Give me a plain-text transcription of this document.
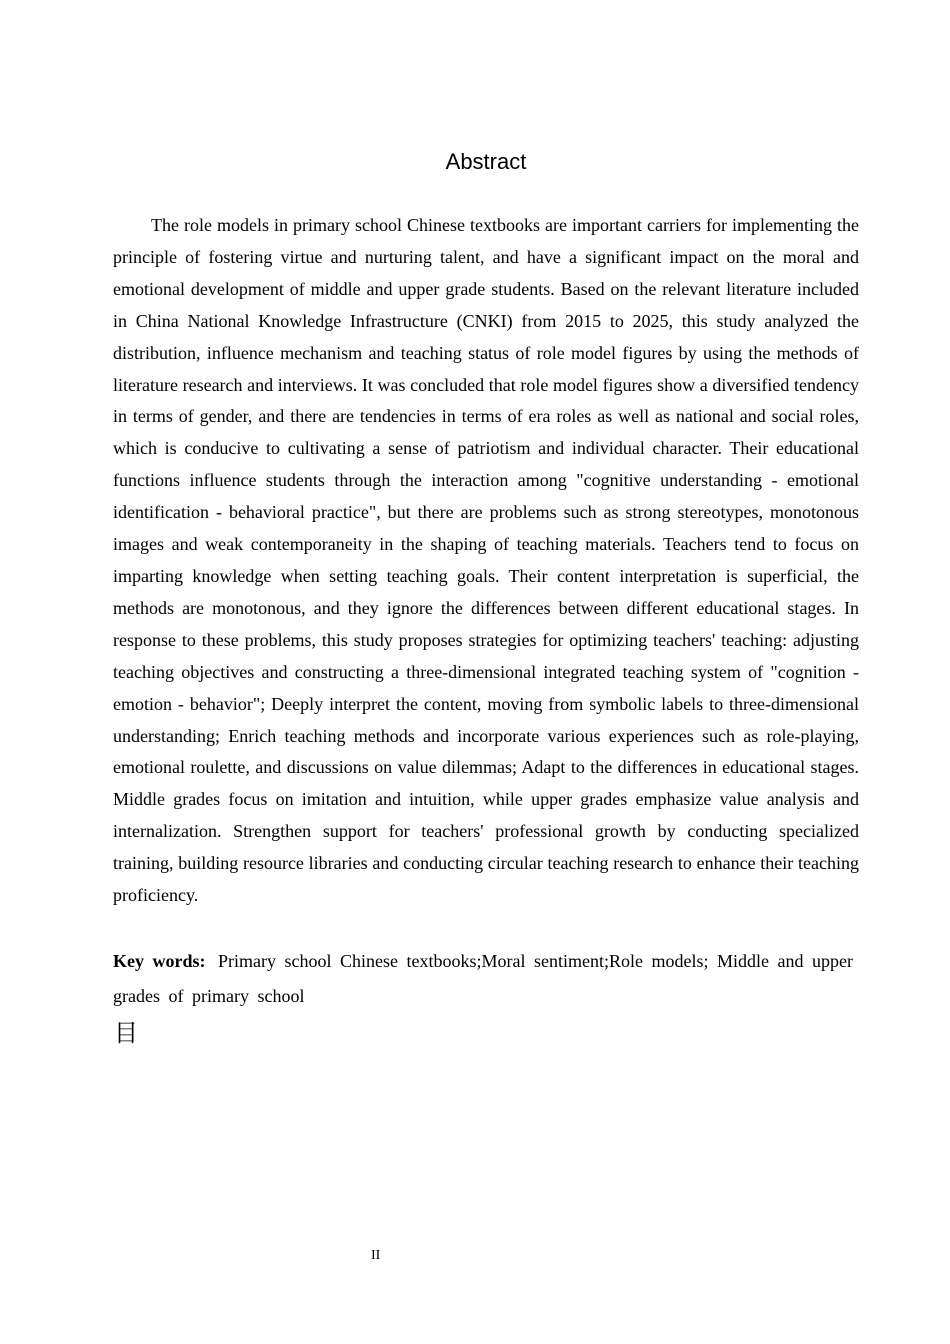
Abstract

The role models in primary school Chinese textbooks are important carriers for implementing the principle of fostering virtue and nurturing talent, and have a significant impact on the moral and emotional development of middle and upper grade students. Based on the relevant literature included in China National Knowledge Infrastructure (CNKI) from 2015 to 2025, this study analyzed the distribution, influence mechanism and teaching status of role model figures by using the methods of literature research and interviews. It was concluded that role model figures show a diversified tendency in terms of gender, and there are tendencies in terms of era roles as well as national and social roles, which is conducive to cultivating a sense of patriotism and individual character. Their educational functions influence students through the interaction among "cognitive understanding - emotional identification - behavioral practice", but there are problems such as strong stereotypes, monotonous images and weak contemporaneity in the shaping of teaching materials. Teachers tend to focus on imparting knowledge when setting teaching goals. Their content interpretation is superficial, the methods are monotonous, and they ignore the differences between different educational stages. In response to these problems, this study proposes strategies for optimizing teachers' teaching: adjusting teaching objectives and constructing a three-dimensional integrated teaching system of "cognition - emotion - behavior"; Deeply interpret the content, moving from symbolic labels to three-dimensional understanding; Enrich teaching methods and incorporate various experiences such as role-playing, emotional roulette, and discussions on value dilemmas; Adapt to the differences in educational stages. Middle grades focus on imitation and intuition, while upper grades emphasize value analysis and internalization. Strengthen support for teachers' professional growth by conducting specialized training, building resource libraries and conducting circular teaching research to enhance their teaching proficiency.

Key words: Primary school Chinese textbooks;Moral sentiment;Role models; Middle and upper grades of primary school

目
II
